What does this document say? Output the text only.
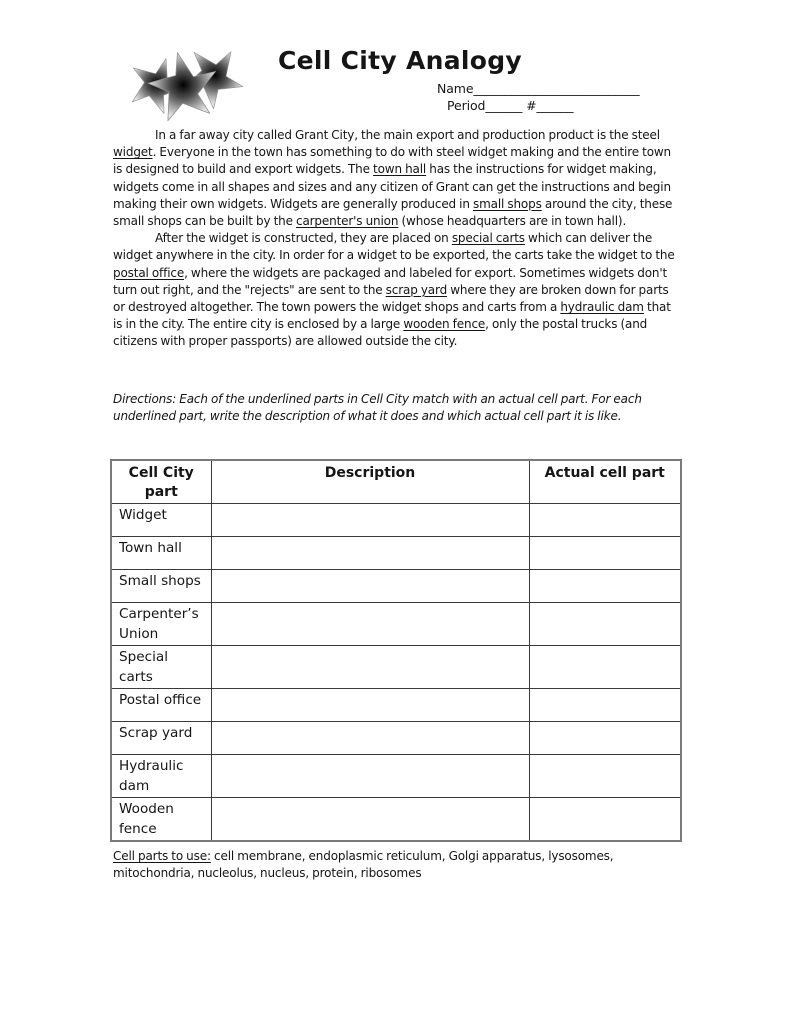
Cell City Analogy
Name___________________________
Period______ #______

In a far away city called Grant City, the main export and production product is the steel widget. Everyone in the town has something to do with steel widget making and the entire town is designed to build and export widgets. The town hall has the instructions for widget making, widgets come in all shapes and sizes and any citizen of Grant can get the instructions and begin making their own widgets. Widgets are generally produced in small shops around the city, these small shops can be built by the carpenter's union (whose headquarters are in town hall).

After the widget is constructed, they are placed on special carts which can deliver the widget anywhere in the city. In order for a widget to be exported, the carts take the widget to the postal office, where the widgets are packaged and labeled for export. Sometimes widgets don't turn out right, and the "rejects" are sent to the scrap yard where they are broken down for parts or destroyed altogether. The town powers the widget shops and carts from a hydraulic dam that is in the city. The entire city is enclosed by a large wooden fence, only the postal trucks (and citizens with proper passports) are allowed outside the city.

Directions: Each of the underlined parts in Cell City match with an actual cell part. For each underlined part, write the description of what it does and which actual cell part it is like.

Cell City part	Description	Actual cell part
Widget		
Town hall		
Small shops		
Carpenter’s Union		
Special carts		
Postal office		
Scrap yard		
Hydraulic dam		
Wooden fence		

Cell parts to use: cell membrane, endoplasmic reticulum, Golgi apparatus, lysosomes, mitochondria, nucleolus, nucleus, protein, ribosomes
